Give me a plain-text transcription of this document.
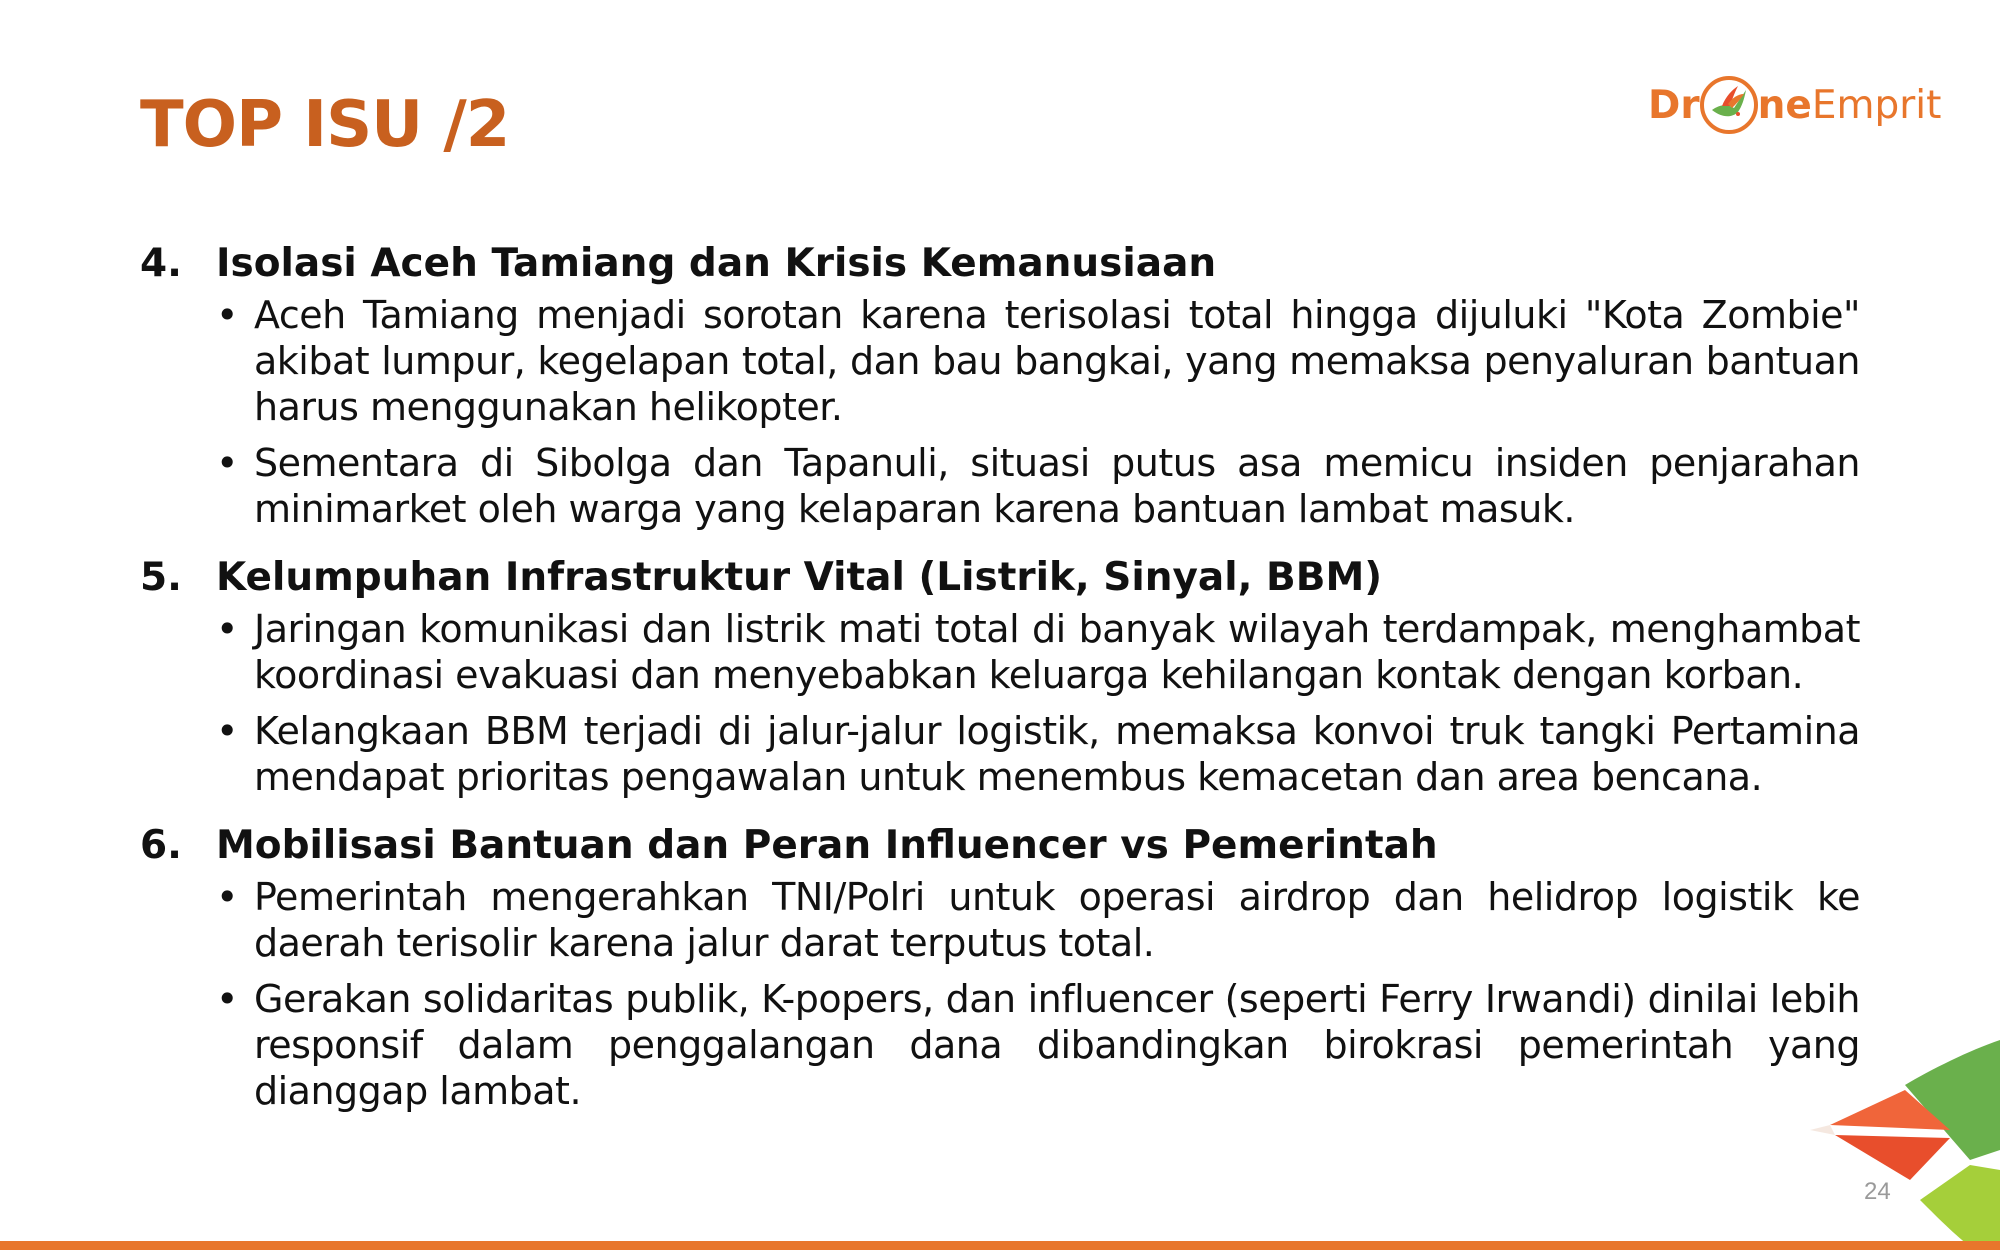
TOP ISU /2	Dr ne Emprit
4. Isolasi Aceh Tamiang dan Krisis Kemanusiaan
• Aceh Tamiang menjadi sorotan karena terisolasi total hingga dijuluki "Kota Zombie" akibat lumpur, kegelapan total, dan bau bangkai, yang memaksa penyaluran bantuan harus menggunakan helikopter.
• Sementara di Sibolga dan Tapanuli, situasi putus asa memicu insiden penjarahan minimarket oleh warga yang kelaparan karena bantuan lambat masuk.
5. Kelumpuhan Infrastruktur Vital (Listrik, Sinyal, BBM)
• Jaringan komunikasi dan listrik mati total di banyak wilayah terdampak, menghambat koordinasi evakuasi dan menyebabkan keluarga kehilangan kontak dengan korban.
• Kelangkaan BBM terjadi di jalur-jalur logistik, memaksa konvoi truk tangki Pertamina mendapat prioritas pengawalan untuk menembus kemacetan dan area bencana.
6. Mobilisasi Bantuan dan Peran Influencer vs Pemerintah
• Pemerintah mengerahkan TNI/Polri untuk operasi airdrop dan helidrop logistik ke daerah terisolir karena jalur darat terputus total.
• Gerakan solidaritas publik, K-popers, dan influencer (seperti Ferry Irwandi) dinilai lebih responsif dalam penggalangan dana dibandingkan birokrasi pemerintah yang dianggap lambat.
24
